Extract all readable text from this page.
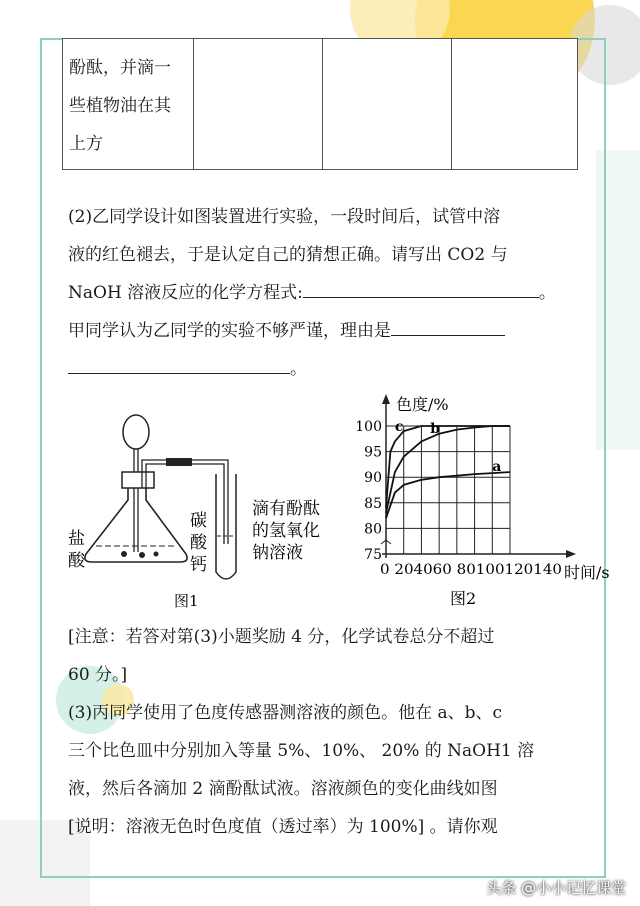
酚酞，并滴一
些植物油在其
上方

(2)乙同学设计如图装置进行实验，一段时间后，试管中溶
液的红色褪去，于是认定自己的猜想正确。请写出 CO2 与
NaOH 溶液反应的化学方程式:	。
甲同学认为乙同学的实验不够严谨，理由是
。
盐酸
碳酸钙
滴有酚酞的氢氧化钠溶液
图1
75
80
85
90
95
100
0 204060 80100120140
色度/%
时间/s
a
b
c
图2
[注意：若答对第(3)小题奖励 4 分，化学试卷总分不超过
60 分。]
(3)丙同学使用了色度传感器测溶液的颜色。他在 a、b、c
三个比色皿中分别加入等量 5%、10%、 20% 的 NaOH1 溶
液，然后各滴加 2 滴酚酞试液。溶液颜色的变化曲线如图
[说明：溶液无色时色度值（透过率）为 100%] 。请你观
头条 @小小记忆课堂
